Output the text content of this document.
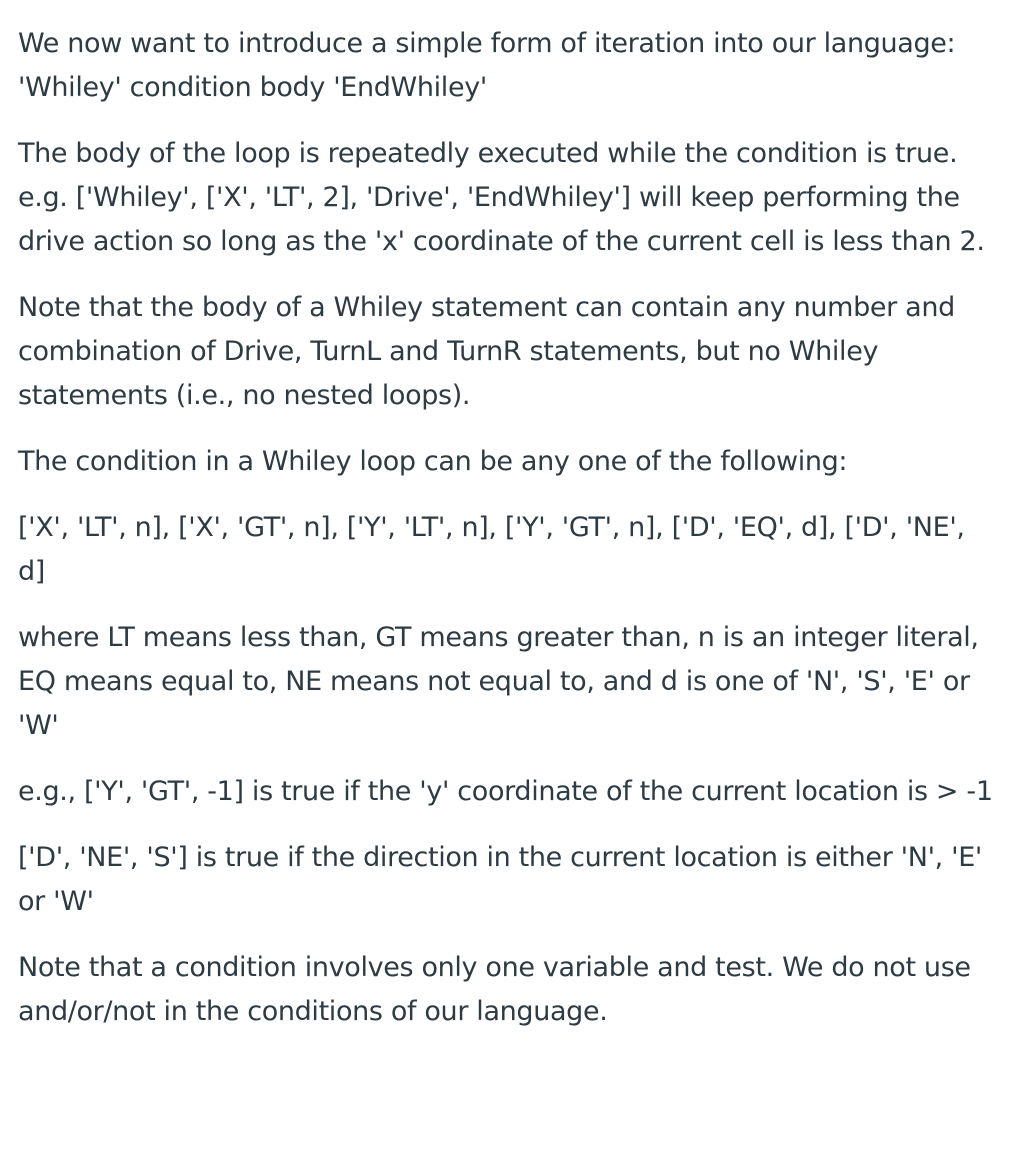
We now want to introduce a simple form of iteration into our language: 'Whiley' condition body 'EndWhiley'

The body of the loop is repeatedly executed while the condition is true. e.g. ['Whiley', ['X', 'LT', 2], 'Drive', 'EndWhiley'] will keep performing the drive action so long as the 'x' coordinate of the current cell is less than 2.

Note that the body of a Whiley statement can contain any number and combination of Drive, TurnL and TurnR statements, but no Whiley statements (i.e., no nested loops).

The condition in a Whiley loop can be any one of the following:

['X', 'LT', n], ['X', 'GT', n], ['Y', 'LT', n], ['Y', 'GT', n], ['D', 'EQ', d], ['D', 'NE', d]

where LT means less than, GT means greater than, n is an integer literal, EQ means equal to, NE means not equal to, and d is one of 'N', 'S', 'E' or 'W'

e.g., ['Y', 'GT', -1] is true if the 'y' coordinate of the current location is > -1

['D', 'NE', 'S'] is true if the direction in the current location is either 'N', 'E' or 'W'

Note that a condition involves only one variable and test. We do not use and/or/not in the conditions of our language.
